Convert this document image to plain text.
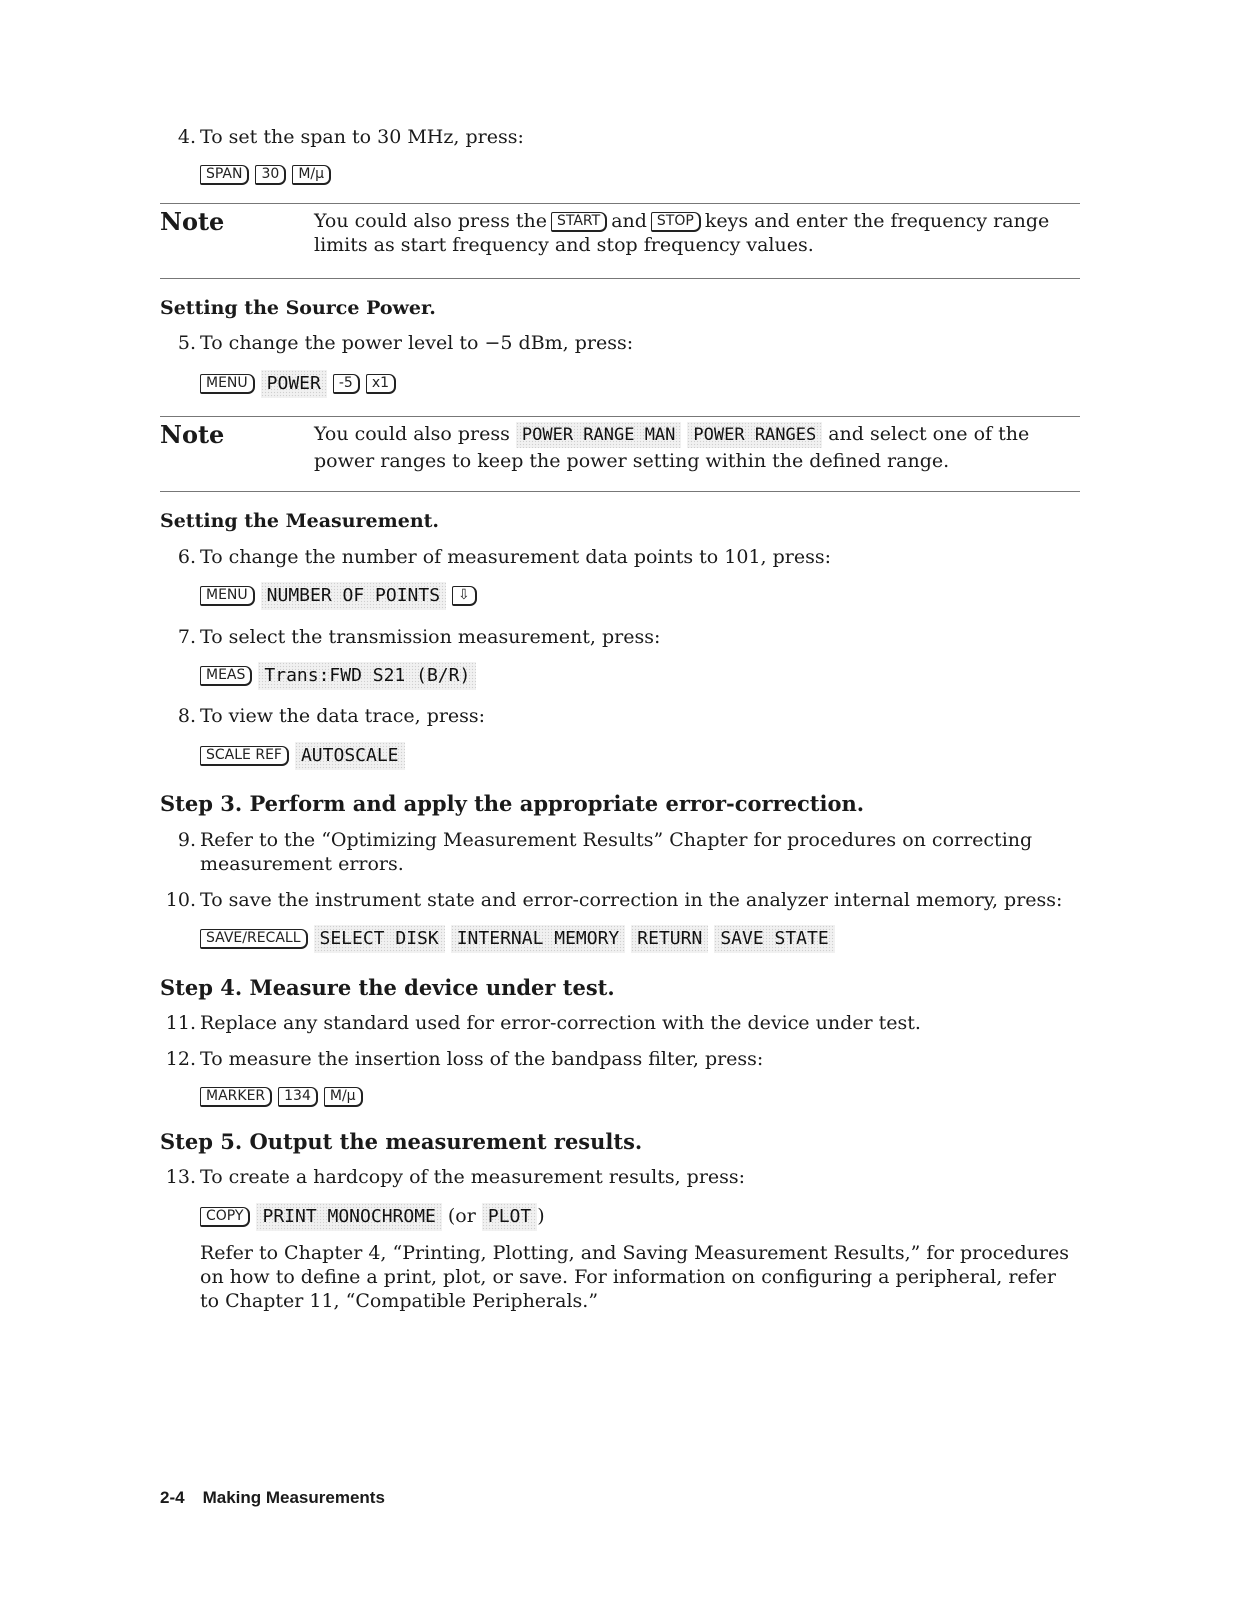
4. To set the span to 30 MHz, press:
SPAN 30 M/μ
Note	You could also press the START and STOP keys and enter the frequency range limits as start frequency and stop frequency values.
Setting the Source Power.
5. To change the power level to −5 dBm, press:
MENU POWER -5 x1
Note	You could also press POWER RANGE MAN POWER RANGES and select one of the power ranges to keep the power setting within the defined range.
Setting the Measurement.
6. To change the number of measurement data points to 101, press:
MENU NUMBER OF POINTS ⇩
7. To select the transmission measurement, press:
MEAS Trans:FWD S21 (B/R)
8. To view the data trace, press:
SCALE REF AUTOSCALE
Step 3. Perform and apply the appropriate error-correction.
9. Refer to the “Optimizing Measurement Results” Chapter for procedures on correcting measurement errors.
10. To save the instrument state and error-correction in the analyzer internal memory, press:
SAVE/RECALL SELECT DISK INTERNAL MEMORY RETURN SAVE STATE
Step 4. Measure the device under test.
11. Replace any standard used for error-correction with the device under test.
12. To measure the insertion loss of the bandpass filter, press:
MARKER 134 M/μ
Step 5. Output the measurement results.
13. To create a hardcopy of the measurement results, press:
COPY PRINT MONOCHROME (or PLOT )
Refer to Chapter 4, “Printing, Plotting, and Saving Measurement Results,” for procedures on how to define a print, plot, or save. For information on configuring a peripheral, refer to Chapter 11, “Compatible Peripherals.”
2-4 Making Measurements
